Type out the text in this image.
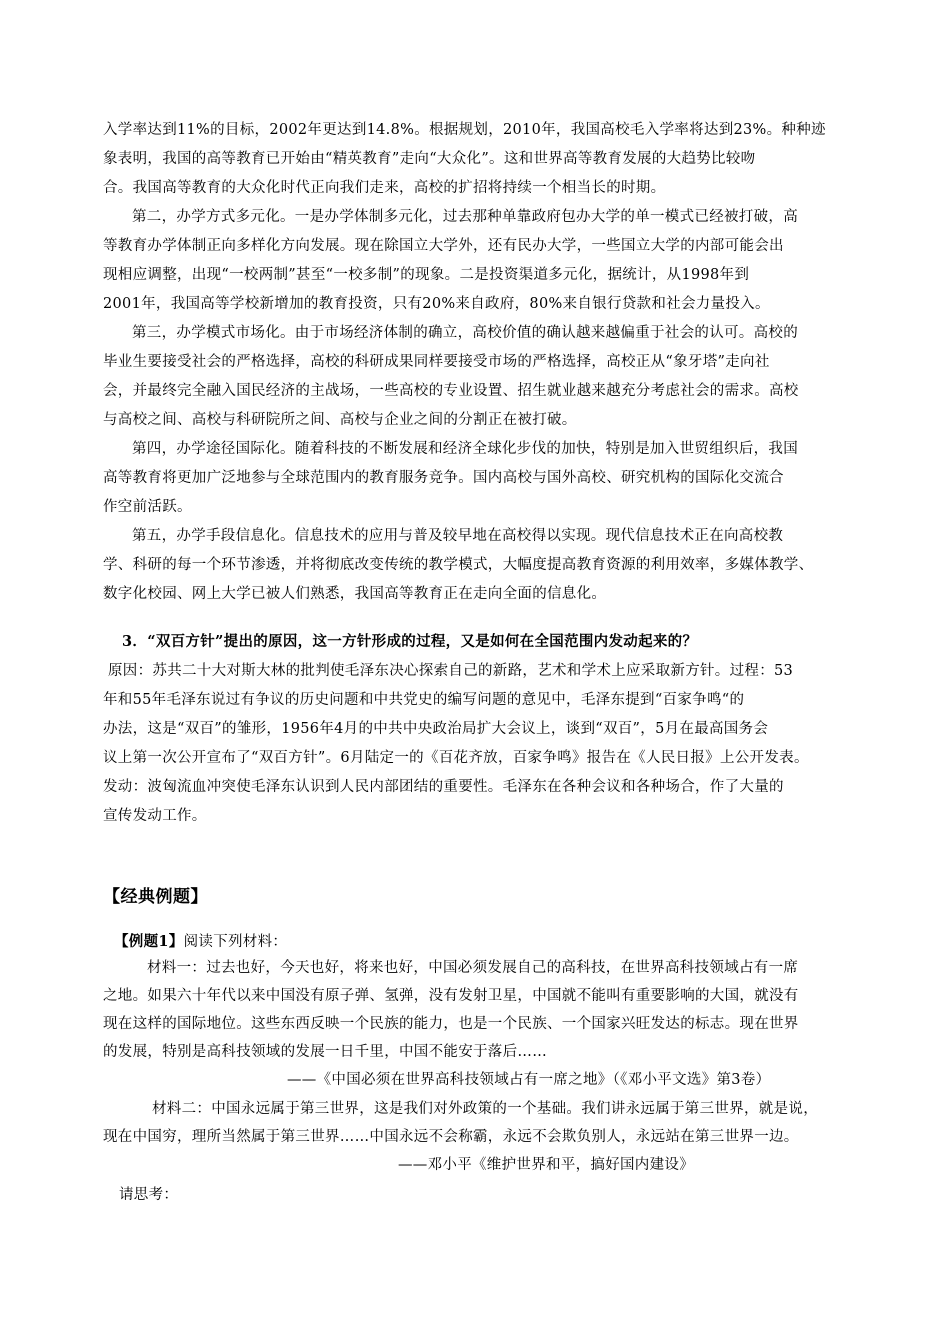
入学率达到11%的目标，2002年更达到14.8%。根据规划，2010年，我国高校毛入学率将达到23%。种种迹
象表明，我国的高等教育已开始由“精英教育”走向“大众化”。这和世界高等教育发展的大趋势比较吻
合。我国高等教育的大众化时代正向我们走来，高校的扩招将持续一个相当长的时期。
第二，办学方式多元化。一是办学体制多元化，过去那种单靠政府包办大学的单一模式已经被打破，高
等教育办学体制正向多样化方向发展。现在除国立大学外，还有民办大学，一些国立大学的内部可能会出
现相应调整，出现“一校两制”甚至“一校多制”的现象。二是投资渠道多元化，据统计，从1998年到
2001年，我国高等学校新增加的教育投资，只有20%来自政府，80%来自银行贷款和社会力量投入。
第三，办学模式市场化。由于市场经济体制的确立，高校价值的确认越来越偏重于社会的认可。高校的
毕业生要接受社会的严格选择，高校的科研成果同样要接受市场的严格选择，高校正从“象牙塔”走向社
会，并最终完全融入国民经济的主战场，一些高校的专业设置、招生就业越来越充分考虑社会的需求。高校
与高校之间、高校与科研院所之间、高校与企业之间的分割正在被打破。
第四，办学途径国际化。随着科技的不断发展和经济全球化步伐的加快，特别是加入世贸组织后，我国
高等教育将更加广泛地参与全球范围内的教育服务竞争。国内高校与国外高校、研究机构的国际化交流合
作空前活跃。
第五，办学手段信息化。信息技术的应用与普及较早地在高校得以实现。现代信息技术正在向高校教
学、科研的每一个环节渗透，并将彻底改变传统的教学模式，大幅度提高教育资源的利用效率，多媒体教学、
数字化校园、网上大学已被人们熟悉，我国高等教育正在走向全面的信息化。
3．“双百方针”提出的原因，这一方针形成的过程，又是如何在全国范围内发动起来的？
原因：苏共二十大对斯大林的批判使毛泽东决心探索自己的新路，艺术和学术上应采取新方针。过程：53
年和55年毛泽东说过有争议的历史问题和中共党史的编写问题的意见中，毛泽东提到“百家争鸣“的
办法，这是“双百”的雏形，1956年4月的中共中央政治局扩大会议上，谈到“双百”，5月在最高国务会
议上第一次公开宣布了“双百方针”。6月陆定一的《百花齐放，百家争鸣》报告在《人民日报》上公开发表。
发动：波匈流血冲突使毛泽东认识到人民内部团结的重要性。毛泽东在各种会议和各种场合，作了大量的
宣传发动工作。
【经典例题】
【例题1】阅读下列材料：
材料一：过去也好，今天也好，将来也好，中国必须发展自己的高科技，在世界高科技领域占有一席
之地。如果六十年代以来中国没有原子弹、氢弹，没有发射卫星，中国就不能叫有重要影响的大国，就没有
现在这样的国际地位。这些东西反映一个民族的能力，也是一个民族、一个国家兴旺发达的标志。现在世界
的发展，特别是高科技领域的发展一日千里，中国不能安于落后……
——《中国必须在世界高科技领域占有一席之地》（《邓小平文选》第3卷）
材料二：中国永远属于第三世界，这是我们对外政策的一个基础。我们讲永远属于第三世界，就是说，
现在中国穷，理所当然属于第三世界……中国永远不会称霸，永远不会欺负别人，永远站在第三世界一边。
——邓小平《维护世界和平，搞好国内建设》
请思考：
